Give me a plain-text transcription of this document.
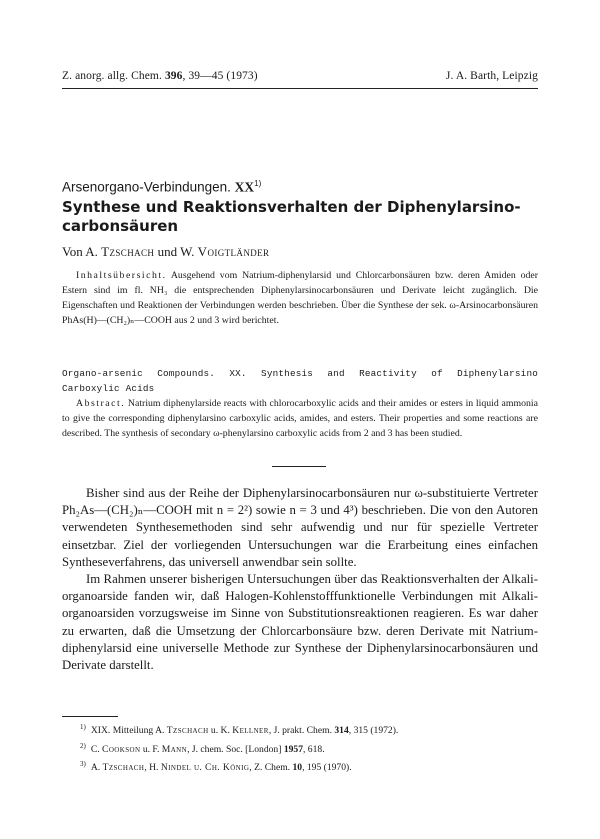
Z. anorg. allg. Chem. 396, 39—45 (1973)	J. A. Barth, Leipzig
Arsenorgano-Verbindungen. XX$^{1)}$
Synthese und Reaktionsverhalten der Diphenylarsino-
carbonsäuren
Von A. Tzschach und W. Voigtländer
Inhaltsübersicht. Ausgehend vom Natrium-diphenylarsid und Chlorcarbonsäuren bzw. deren Amiden oder Estern sind im fl. NH₃ die entsprechenden Diphenylarsinocarbonsäuren und Derivate leicht zugänglich. Die Eigenschaften und Reaktionen der Verbindungen werden beschrieben. Über die Synthese der sek. ω-Arsinocarbonsäuren PhAs(H)—(CH₂)ₙ—COOH aus 2 und 3 wird berichtet.
Organo-arsenic Compounds. XX. Synthesis and Reactivity of Diphenylarsino Carboxylic Acids
Abstract. Natrium diphenylarside reacts with chlorocarboxylic acids and their amides or esters in liquid ammonia to give the corresponding diphenylarsino carboxylic acids, amides, and esters. Their properties and some reactions are described. The synthesis of secondary ω-phenylarsino carboxylic acids from 2 and 3 has been studied.

Bisher sind aus der Reihe der Diphenylarsinocarbonsäuren nur ω-substituierte Vertreter Ph₂As—(CH₂)ₙ—COOH mit n = 2²) sowie n = 3 und 4³) beschrieben. Die von den Autoren verwendeten Synthesemethoden sind sehr aufwendig und nur für spezielle Vertreter einsetzbar. Ziel der vorliegenden Untersuchungen war die Erarbeitung eines einfachen Syntheseverfahrens, das universell anwendbar sein sollte.

Im Rahmen unserer bisherigen Untersuchungen über das Reaktionsverhalten der Alkali-organoarside fanden wir, daß Halogen-Kohlenstofffunktionelle Verbindungen mit Alkali-organoarsiden vorzugsweise im Sinne von Substitutionsreaktionen reagieren. Es war daher zu erwarten, daß die Umsetzung der Chlorcarbonsäure bzw. deren Derivate mit Natrium-diphenylarsid eine universelle Methode zur Synthese der Diphenylarsinocarbonsäuren und Derivate darstellt.

$^{1)}$ XIX. Mitteilung A. Tzschach u. K. Kellner, J. prakt. Chem. 314, 315 (1972).
$^{2)}$ C. Cookson u. F. Mann, J. chem. Soc. [London] 1957, 618.
$^{3)}$ A. Tzschach, H. Nindel u. Ch. König, Z. Chem. 10, 195 (1970).
